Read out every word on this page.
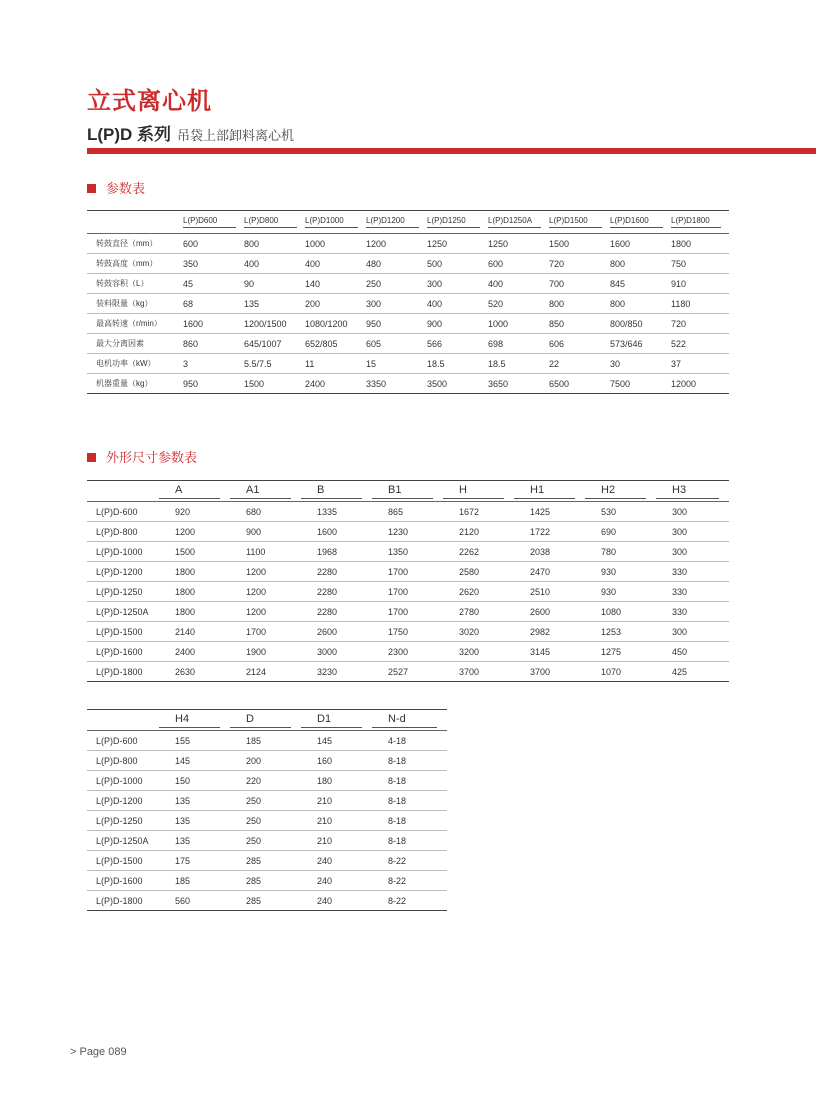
立式离心机
L(P)D 系列 吊袋上部卸料离心机
参数表

	L(P)D600	L(P)D800	L(P)D1000	L(P)D1200	L(P)D1250	L(P)D1250A	L(P)D1500	L(P)D1600	L(P)D1800

转鼓直径（mm）	600	800	1000	1200	1250	1250	1500	1600	1800

转鼓高度（mm）	350	400	400	480	500	600	720	800	750

转鼓容积（L）	45	90	140	250	300	400	700	845	910

装料限量（kg）	68	135	200	300	400	520	800	800	1180

最高转速（r/min）	1600	1200/1500	1080/1200	950	900	1000	850	800/850	720

最大分离因素	860	645/1007	652/805	605	566	698	606	573/646	522

电机功率（kW）	3	5.5/7.5	11	15	18.5	18.5	22	30	37

机器重量（kg）	950	1500	2400	3350	3500	3650	6500	7500	12000
外形尺寸参数表

	A	A1	B	B1	H	H1	H2	H3

L(P)D-600	920	680	1335	865	1672	1425	530	300

L(P)D-800	1200	900	1600	1230	2120	1722	690	300

L(P)D-1000	1500	1100	1968	1350	2262	2038	780	300

L(P)D-1200	1800	1200	2280	1700	2580	2470	930	330

L(P)D-1250	1800	1200	2280	1700	2620	2510	930	330

L(P)D-1250A	1800	1200	2280	1700	2780	2600	1080	330

L(P)D-1500	2140	1700	2600	1750	3020	2982	1253	300

L(P)D-1600	2400	1900	3000	2300	3200	3145	1275	450

L(P)D-1800	2630	2124	3230	2527	3700	3700	1070	425

	H4	D	D1	N-d

L(P)D-600	155	185	145	4-18

L(P)D-800	145	200	160	8-18

L(P)D-1000	150	220	180	8-18

L(P)D-1200	135	250	210	8-18

L(P)D-1250	135	250	210	8-18

L(P)D-1250A	135	250	210	8-18

L(P)D-1500	175	285	240	8-22

L(P)D-1600	185	285	240	8-22

L(P)D-1800	560	285	240	8-22
> Page 089
